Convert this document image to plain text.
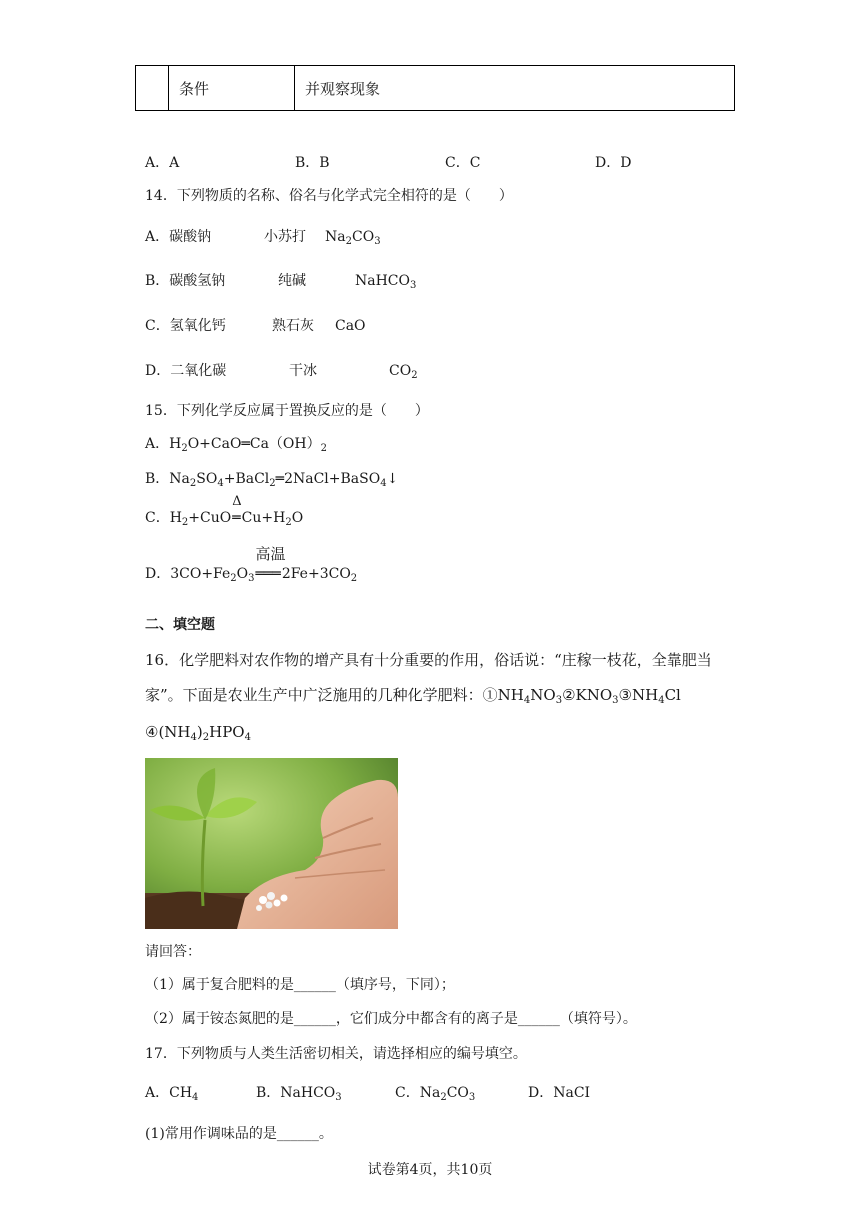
	条件	并观察现象
A．A	B．B	C．C	D．D
14．下列物质的名称、俗名与化学式完全相符的是（　　）
A．碳酸钠	小苏打 $Na_2CO_3$
B．碳酸氢钠	纯碱	NaHCO$_3$
C．氢氧化钙	熟石灰 CaO
D．二氧化碳	干冰	$CO_2$
15．下列化学反应属于置换反应的是（　　）
A．$H_2O+CaO═Ca(OH)_2$
B．$Na_2SO_4+BaCl_2═2NaCl+BaSO_4↓$
C．$H_2+CuO$
Δ
$═Cu+H_2O$
D．$3CO+Fe_2O_3$
高温
$═══2Fe+3CO_2$
二、填空题
16．化学肥料对农作物的增产具有十分重要的作用，俗话说：“庄稼一枝花，全靠肥当
家”。下面是农业生产中广泛施用的几种化学肥料：$①NH_4NO_3②KNO_3③NH_4Cl$
$④(NH_4)_2HPO_4$
请回答：
（1）属于复合肥料的是______（填序号，下同）；
（2）属于铵态氮肥的是______，它们成分中都含有的离子是______（填符号）。
17．下列物质与人类生活密切相关，请选择相应的编号填空。
A．$CH_4$	B．NaHCO$_3$	C．$Na_2CO_3$	D．NaCI
(1)常用作调味品的是______。
试卷第4页，共10页
